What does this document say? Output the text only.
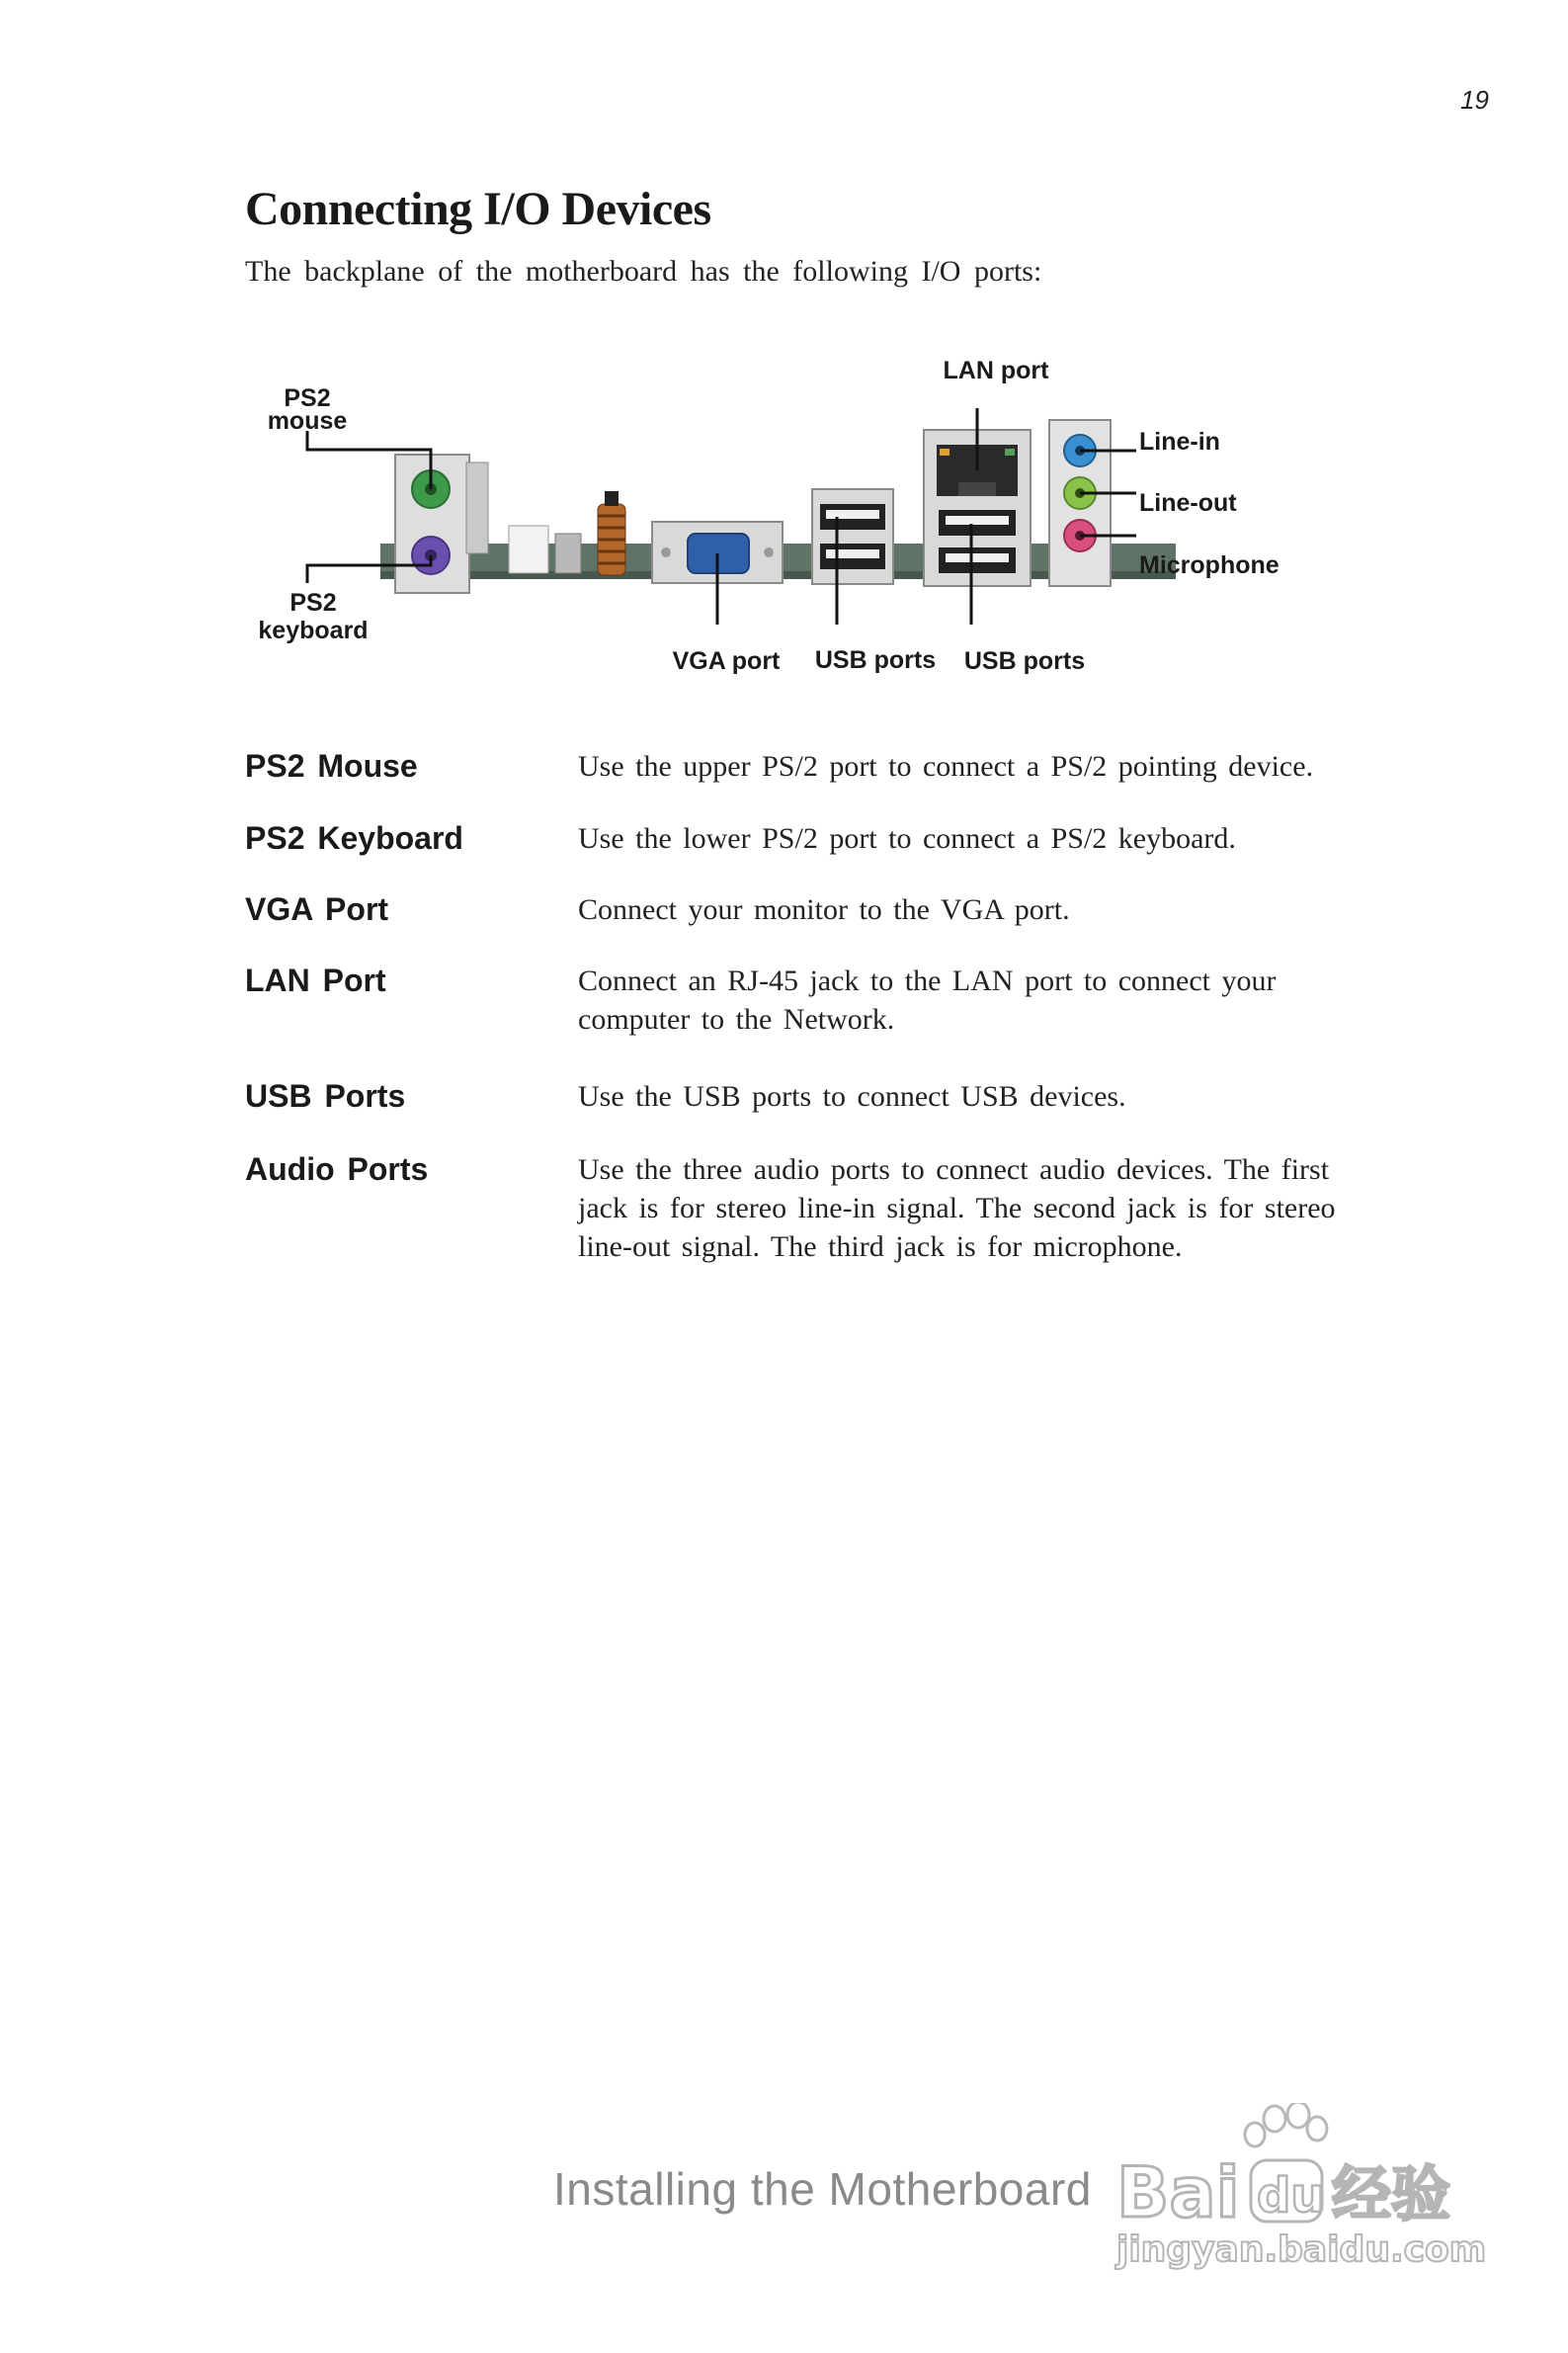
19
Connecting I/O Devices

The backplane of the motherboard has the following I/O ports:

PS2
mouse
PS2
keyboard
VGA port USB ports USB ports
LAN port
Line-in
Line-out
Microphone
PS2 Mouse	Use the upper PS/2 port to connect a PS/2 pointing device.
PS2 Keyboard	Use the lower PS/2 port to connect a PS/2 keyboard.
VGA Port	Connect your monitor to the VGA port.
LAN Port	Connect an RJ-45 jack to the LAN port to connect your computer to the Network.
USB Ports	Use the USB ports to connect USB devices.
Audio Ports	Use the three audio ports to connect audio devices. The first jack is for stereo line-in signal. The second jack is for stereo line-out signal. The third jack is for microphone.
Installing the Motherboard Bai du 经验
jingyan.baidu.com
